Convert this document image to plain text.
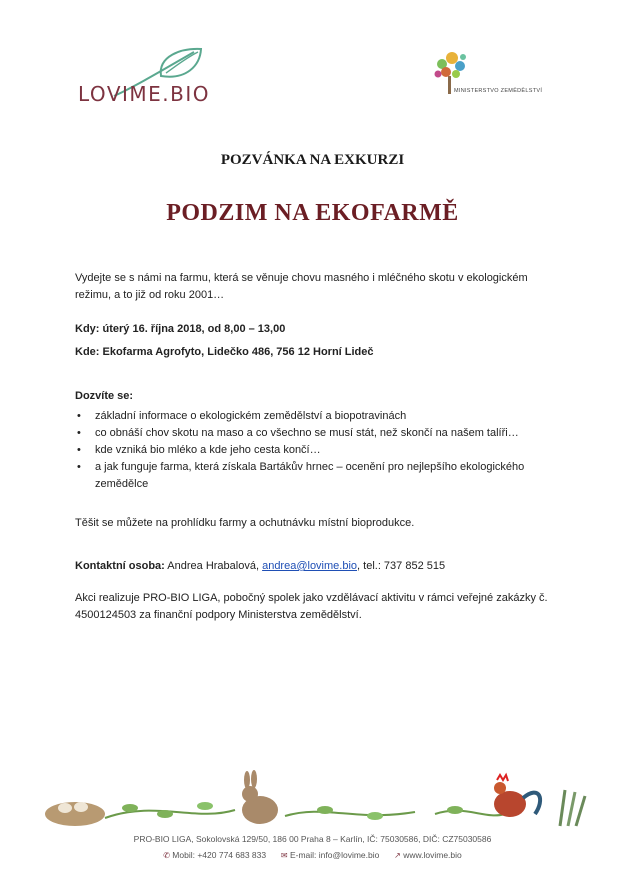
LOVIME.BIO	MINISTERSTVO ZEMĚDĚLSTVÍ
POZVÁNKA NA EXKURZI
PODZIM NA EKOFARMĚ
Vydejte se s námi na farmu, která se věnuje chovu masného i mléčného skotu v ekologickém režimu, a to již od roku 2001…
Kdy: úterý 16. října 2018, od 8,00 – 13,00
Kde: Ekofarma Agrofyto, Lidečko 486, 756 12 Horní Lideč
Dozvíte se:
• základní informace o ekologickém zemědělství a biopotravinách
• co obnáší chov skotu na maso a co všechno se musí stát, než skončí na našem talíři…
• kde vzniká bio mléko a kde jeho cesta končí…
• a jak funguje farma, která získala Bartákův hrnec – ocenění pro nejlepšího ekologického zemědělce
Těšit se můžete na prohlídku farmy a ochutnávku místní bioprodukce.
Kontaktní osoba: Andrea Hrabalová, andrea@lovime.bio, tel.: 737 852 515
Akci realizuje PRO-BIO LIGA, pobočný spolek jako vzdělávací aktivitu v rámci veřejné zakázky č. 4500124503 za finanční podpory Ministerstva zemědělství.
PRO-BIO LIGA, Sokolovská 129/50, 186 00 Praha 8 – Karlín, IČ: 75030586, DIČ: CZ75030586
✆ Mobil: +420 774 683 833 ✉ E-mail: info@lovime.bio ↗ www.lovime.bio
